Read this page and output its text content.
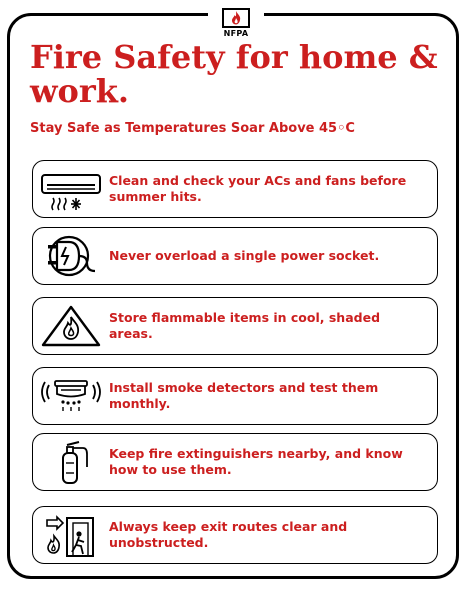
NFPA
Fire Safety for home & work.

Stay Safe as Temperatures Soar Above 45◦C

Clean and check your ACs and fans before summer hits.
Never overload a single power socket.
Store flammable items in cool, shaded areas.
Install smoke detectors and test them monthly.
Keep fire extinguishers nearby, and know how to use them.
Always keep exit routes clear and unobstructed.
